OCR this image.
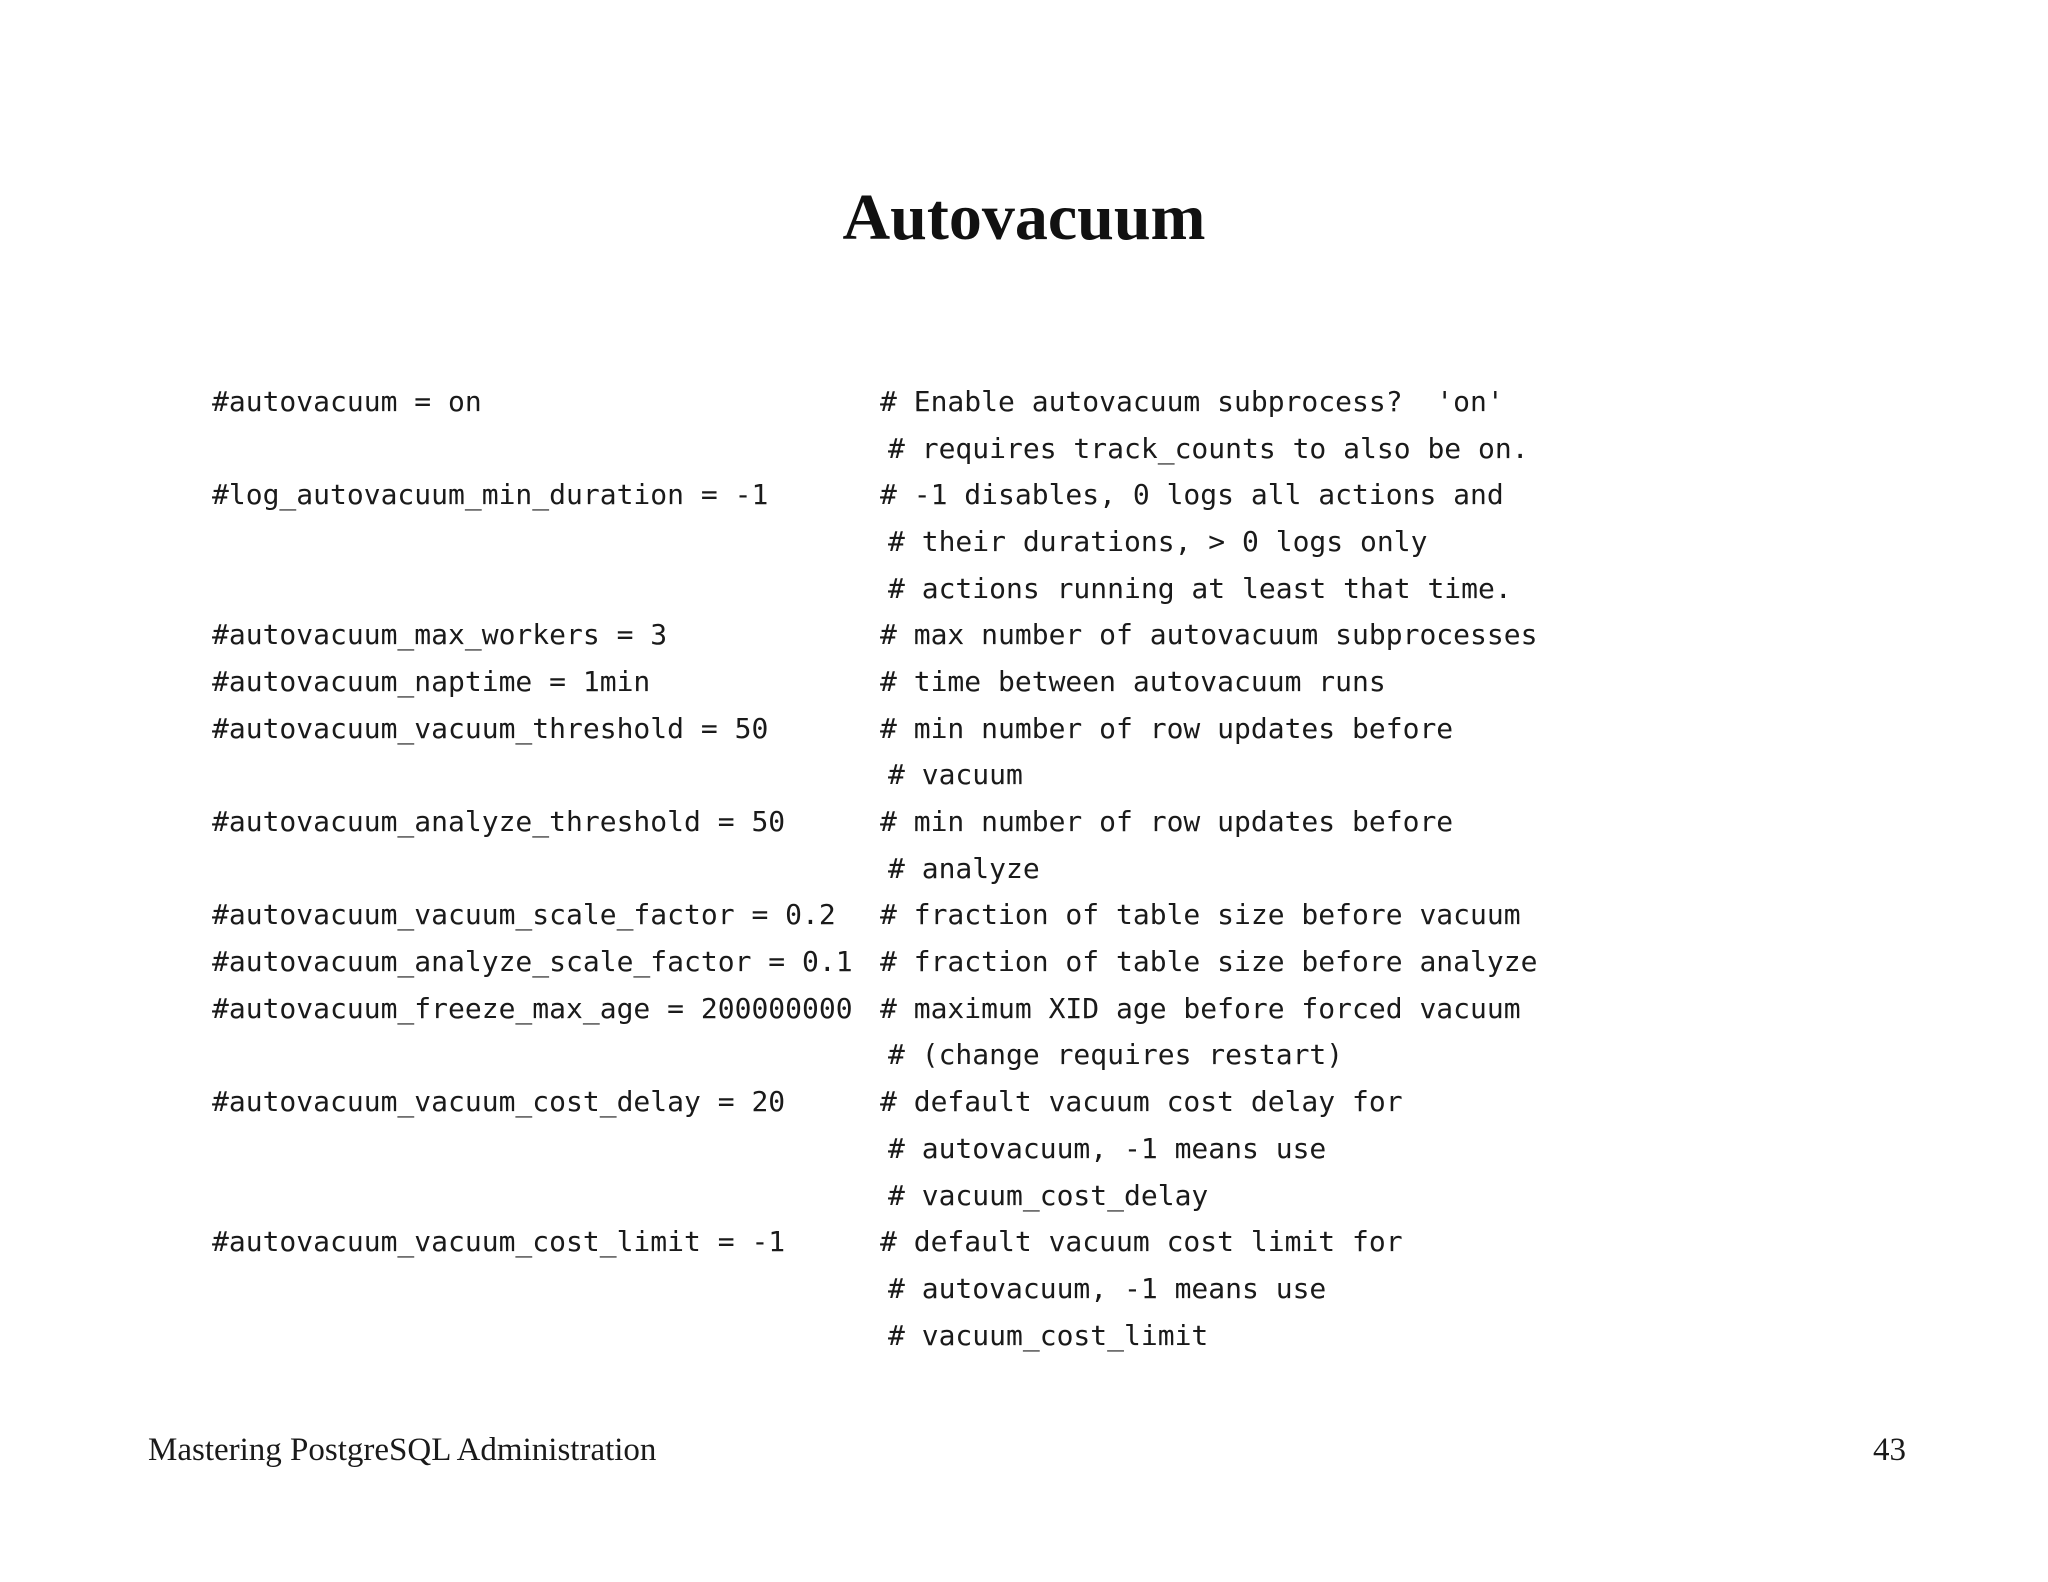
Autovacuum
#autovacuum = on	# Enable autovacuum subprocess?  'on'
# requires track_counts to also be on.
#log_autovacuum_min_duration = -1	# -1 disables, 0 logs all actions and
# their durations, > 0 logs only
# actions running at least that time.
#autovacuum_max_workers = 3	# max number of autovacuum subprocesses
#autovacuum_naptime = 1min	# time between autovacuum runs
#autovacuum_vacuum_threshold = 50	# min number of row updates before
# vacuum
#autovacuum_analyze_threshold = 50	# min number of row updates before
# analyze
#autovacuum_vacuum_scale_factor = 0.2	# fraction of table size before vacuum
#autovacuum_analyze_scale_factor = 0.1 # fraction of table size before analyze
#autovacuum_freeze_max_age = 200000000 # maximum XID age before forced vacuum
# (change requires restart)
#autovacuum_vacuum_cost_delay = 20	# default vacuum cost delay for
# autovacuum, -1 means use
# vacuum_cost_delay
#autovacuum_vacuum_cost_limit = -1	# default vacuum cost limit for
# autovacuum, -1 means use
# vacuum_cost_limit
Mastering PostgreSQL Administration	43
